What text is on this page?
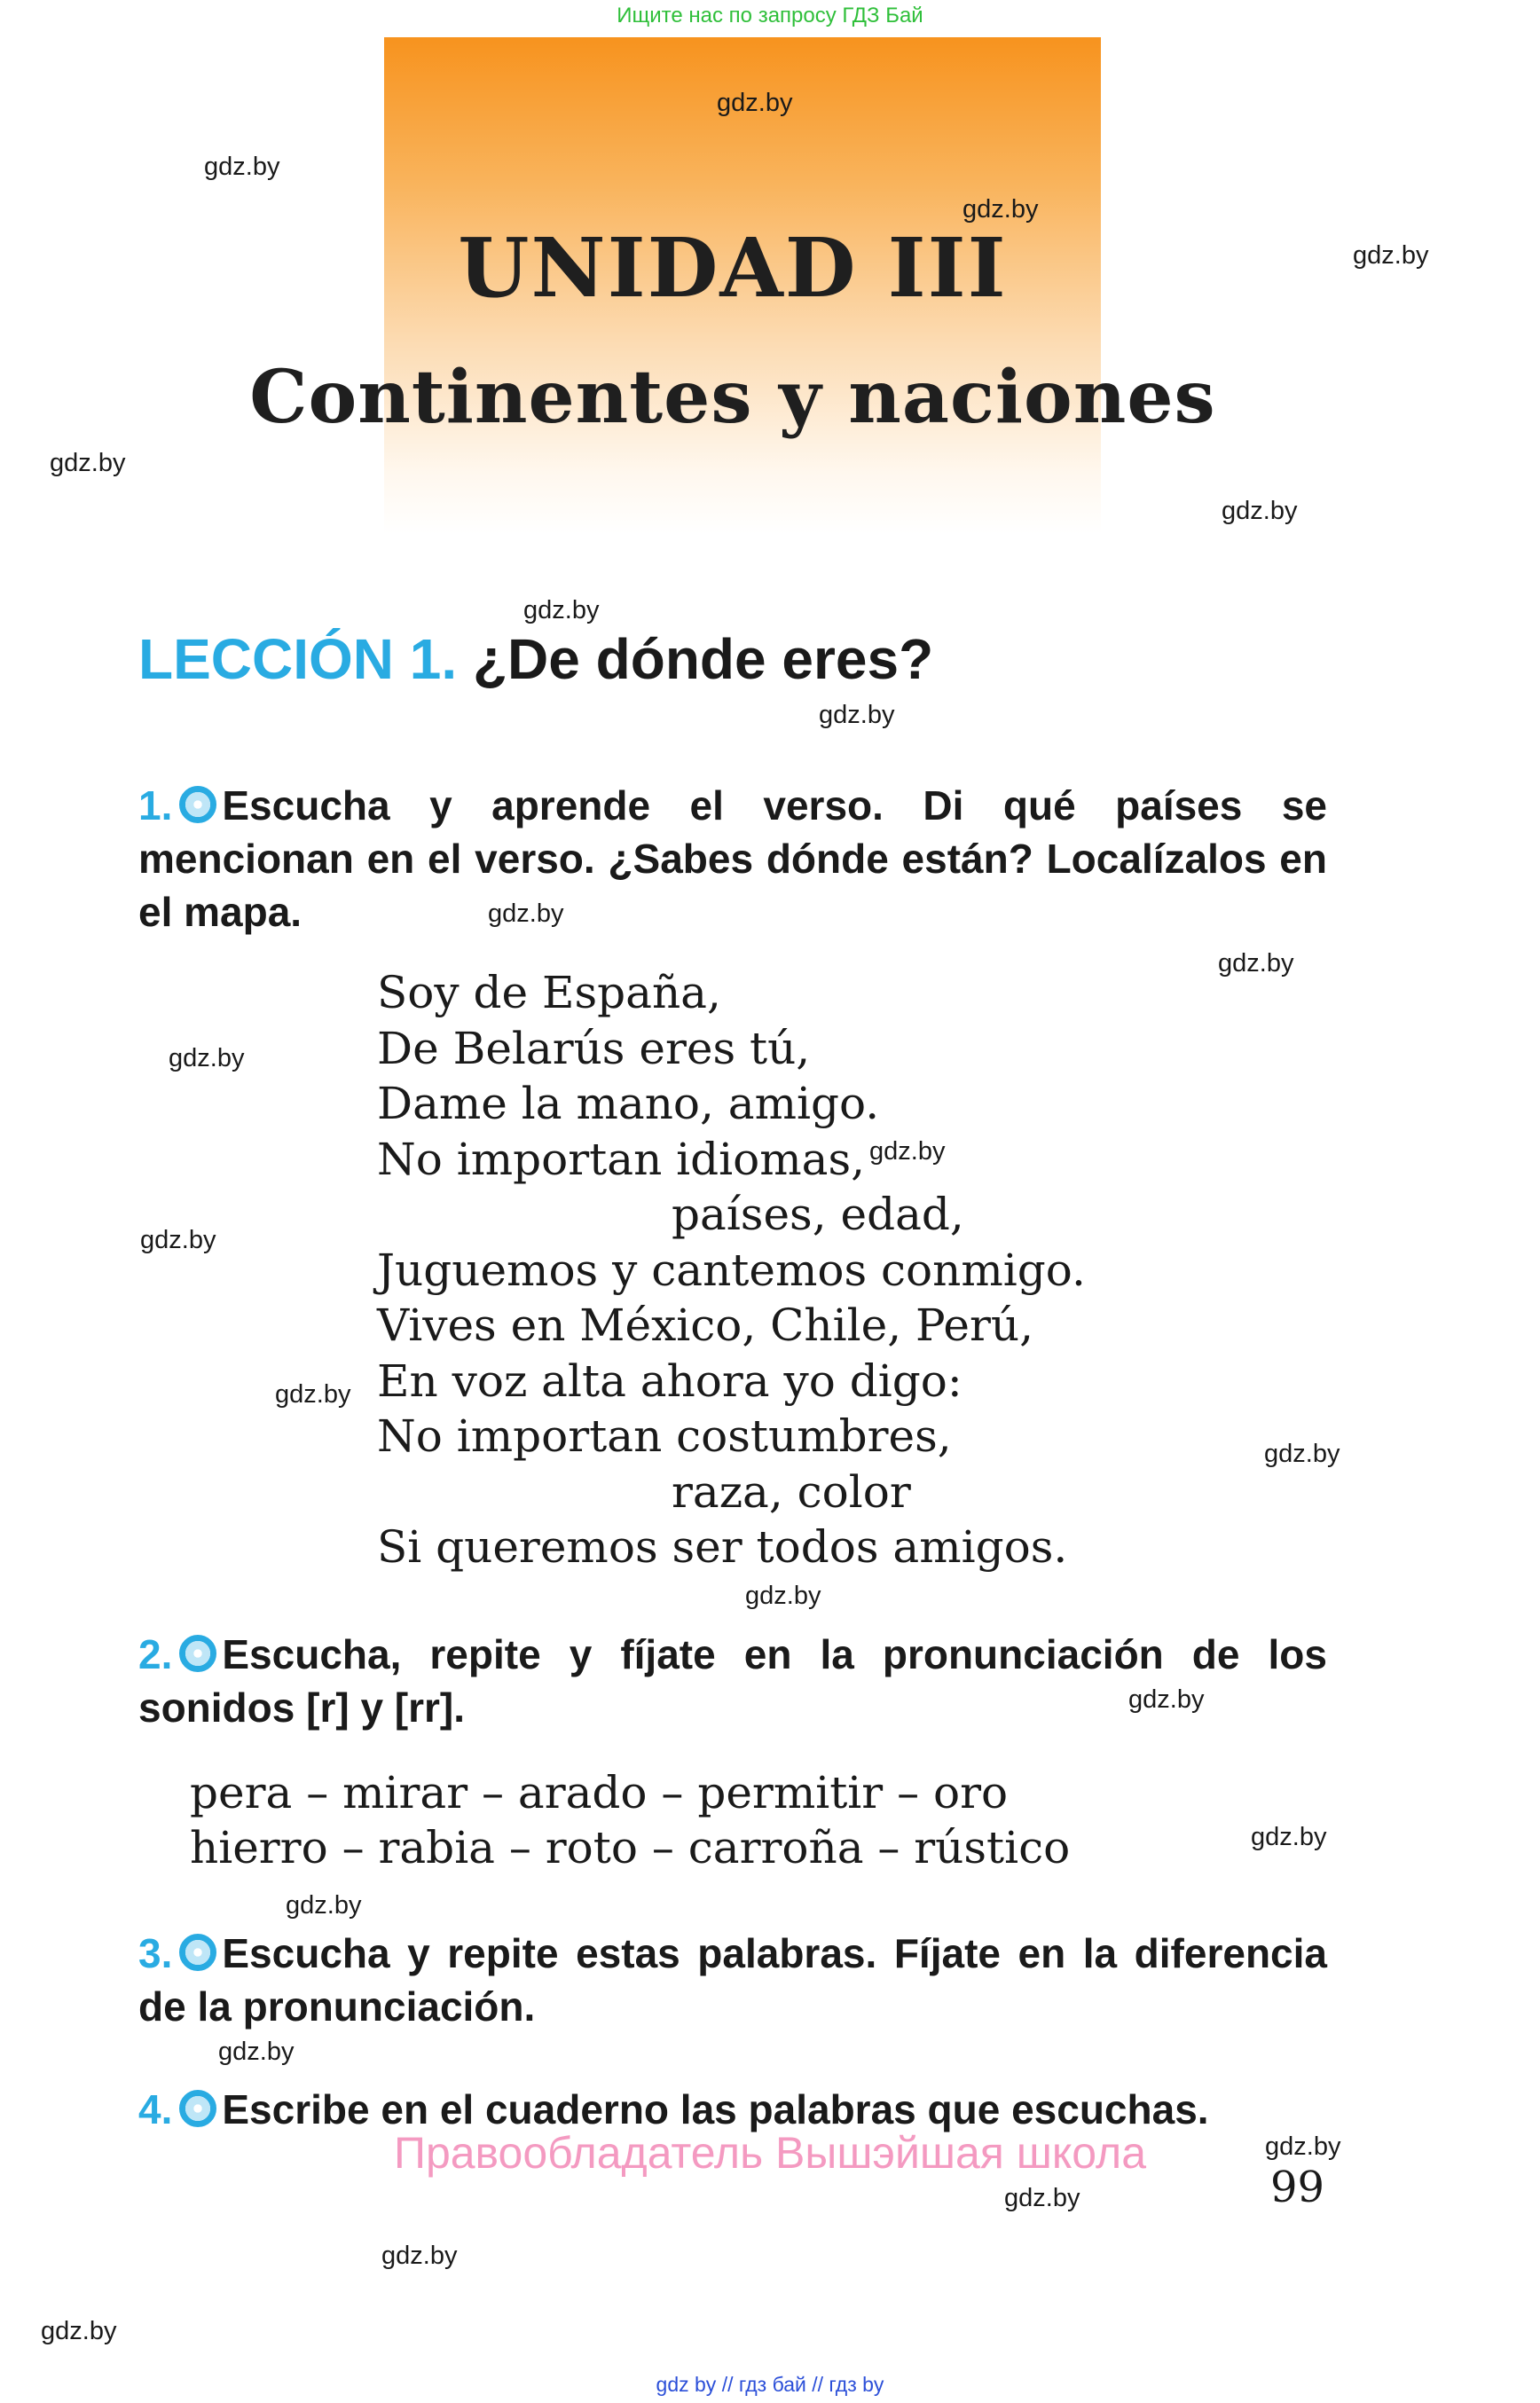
Ищите нас по запросу ГДЗ Бай
UNIDAD III
Continentes y naciones
gdz.by
gdz.by
gdz.by
gdz.by
gdz.by
gdz.by
gdz.by
gdz.by
gdz.by
gdz.by
gdz.by
gdz.by
gdz.by
gdz.by
gdz.by
gdz.by
gdz.by
gdz.by
gdz.by
gdz.by
gdz.by
gdz.by
gdz.by
gdz.by
LECCIÓN 1. ¿De dónde eres?
1. Escucha y aprende el verso. Di qué países se mencionan en el verso. ¿Sabes dónde están? Localízalos en el mapa.
Soy de España,
De Belarús eres tú,
Dame la mano, amigo.
No importan idiomas,
países, edad,
Juguemos y cantemos conmigo.
Vives en México, Chile, Perú,
En voz alta ahora yo digo:
No importan costumbres,
raza, color
Si queremos ser todos amigos.
2. Escucha, repite y fíjate en la pronunciación de los sonidos [r] y [rr].
pera – mirar – arado – permitir – oro
hierro – rabia – roto – carroña – rústico
3. Escucha y repite estas palabras. Fíjate en la diferencia de la pronunciación.
4. Escribe en el cuaderno las palabras que escuchas.
Правообладатель Вышэйшая школа
99
gdz by // гдз бай // гдз by
